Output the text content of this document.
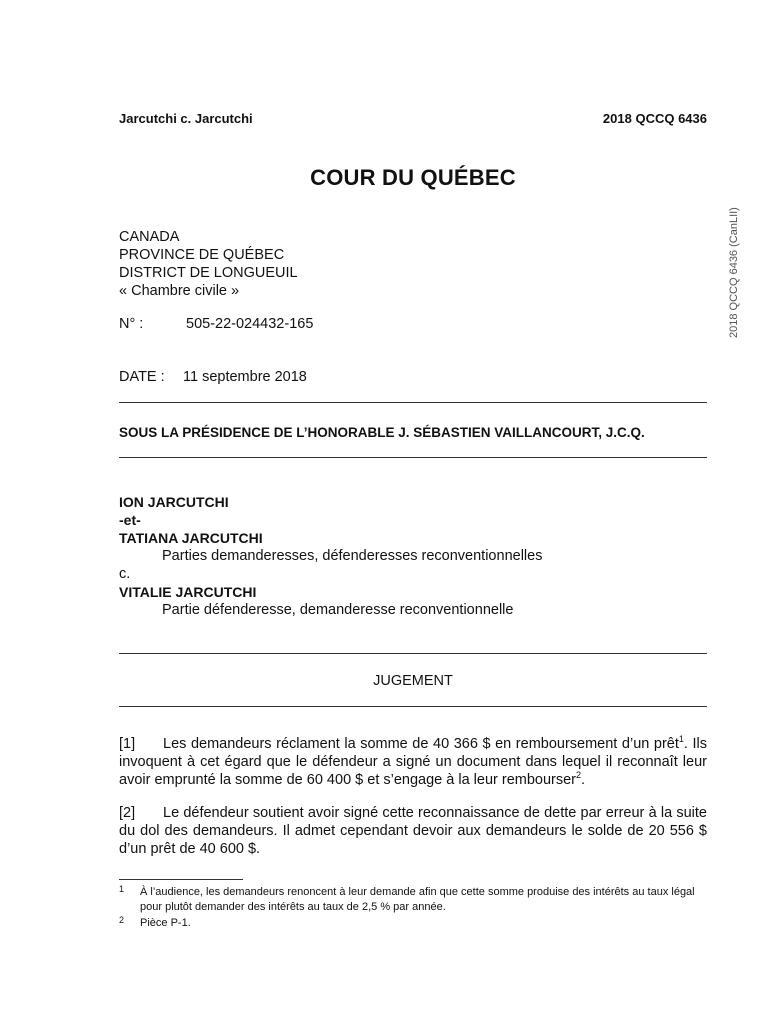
Jarcutchi c. Jarcutchi	2018 QCCQ 6436
2018 QCCQ 6436 (CanLII)
COUR DU QUÉBEC
CANADA
PROVINCE DE QUÉBEC
DISTRICT DE LONGUEUIL
« Chambre civile »
N° :	505-22-024432-165
DATE : 11 septembre 2018
SOUS LA PRÉSIDENCE DE L’HONORABLE J. SÉBASTIEN VAILLANCOURT, J.C.Q.
ION JARCUTCHI
-et-
TATIANA JARCUTCHI
Parties demanderesses, défenderesses reconventionnelles
c.
VITALIE JARCUTCHI
Partie défenderesse, demanderesse reconventionnelle
JUGEMENT
[1] Les demandeurs réclament la somme de 40 366 $ en remboursement d’un prêt$^1$. Ils invoquent à cet égard que le défendeur a signé un document dans lequel il reconnaît leur avoir emprunté la somme de 60 400 $ et s’engage à la leur rembourser$^2$.
[2] Le défendeur soutient avoir signé cette reconnaissance de dette par erreur à la suite du dol des demandeurs. Il admet cependant devoir aux demandeurs le solde de 20 556 $ d’un prêt de 40 600 $.
1 À l’audience, les demandeurs renoncent à leur demande afin que cette somme produise des intérêts au taux légal pour plutôt demander des intérêts au taux de 2,5 % par année.
2 Pièce P-1.
